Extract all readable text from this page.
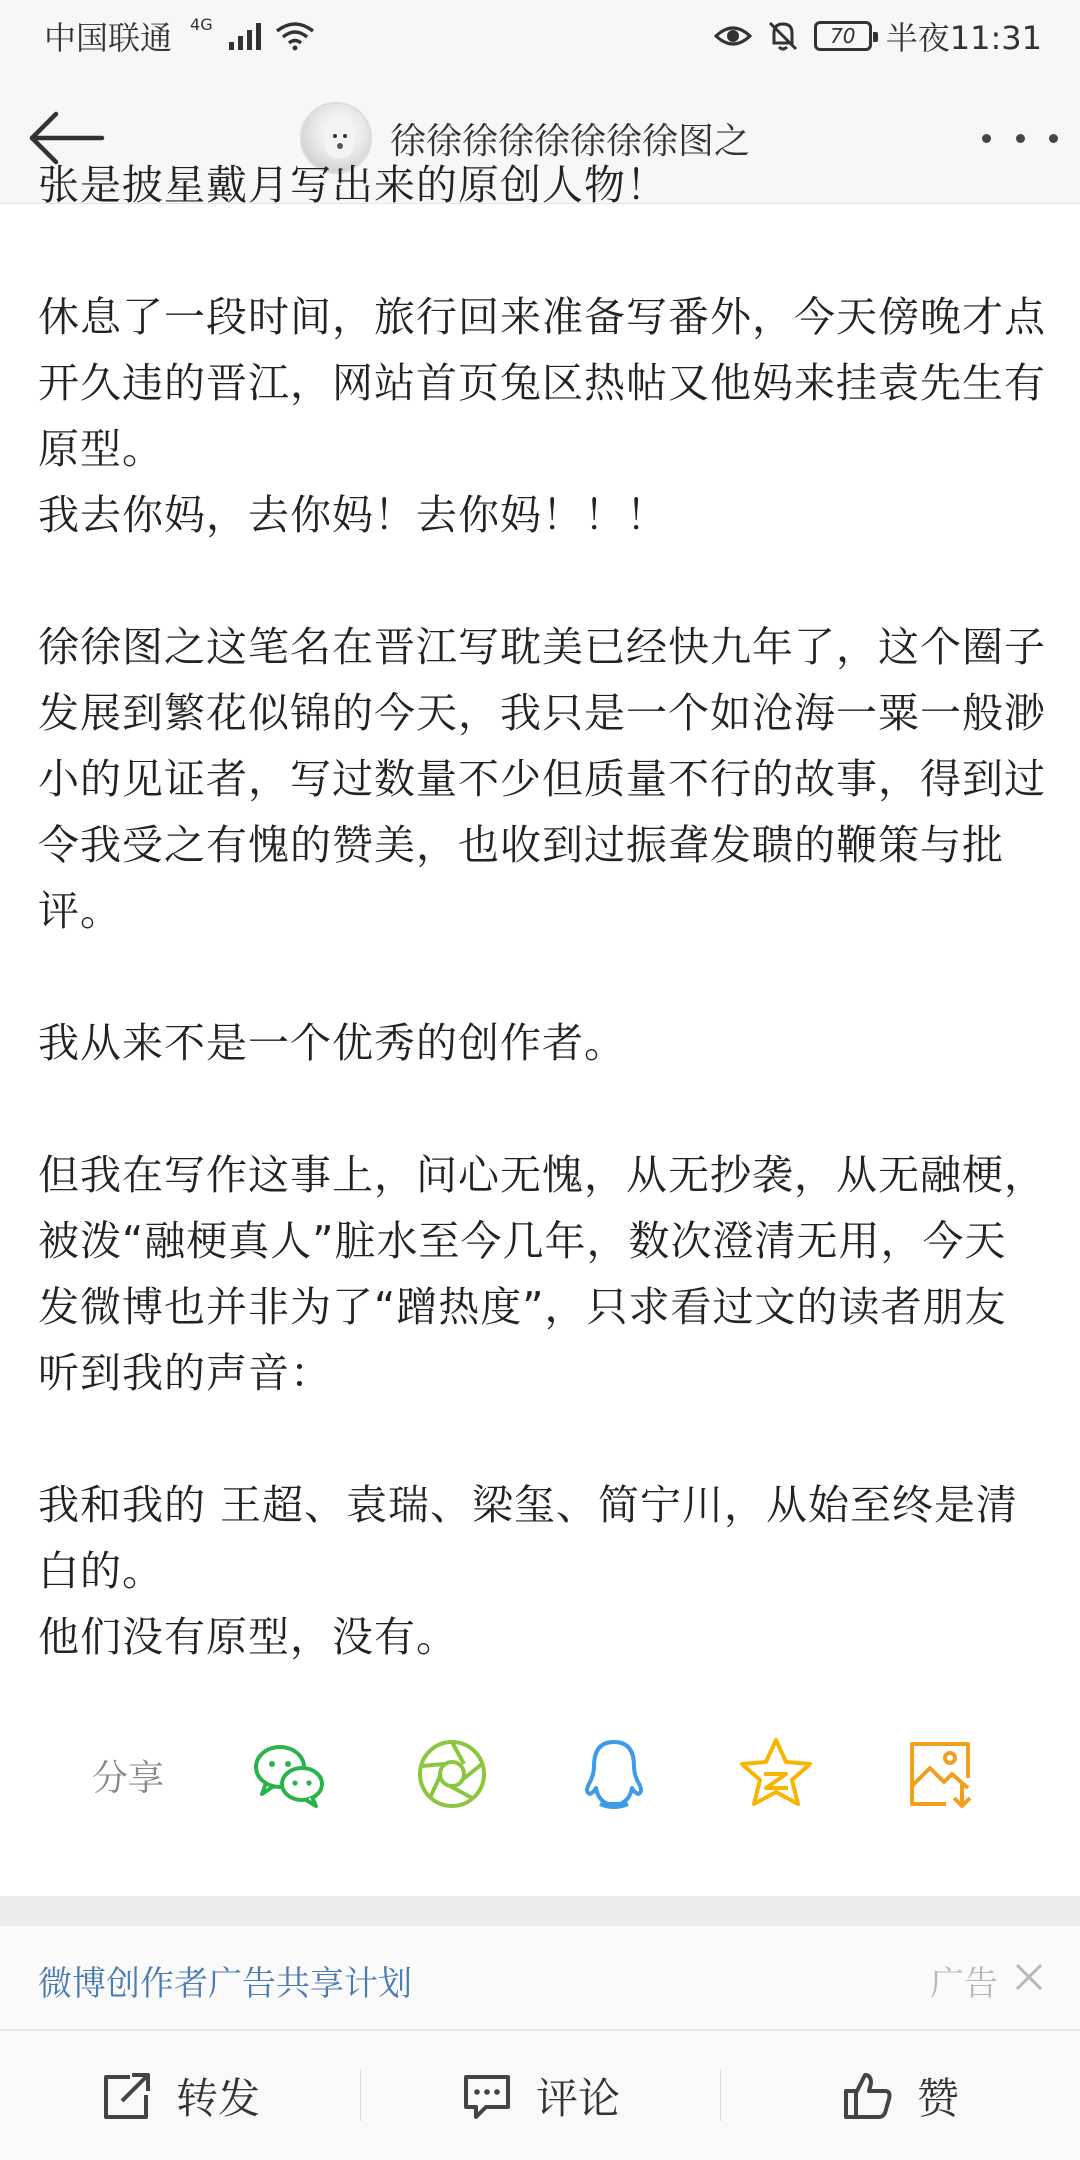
中国联通 4G	70 半夜11:31
徐徐徐徐徐徐徐徐图之

张是披星戴月写出来的原创人物！

休息了一段时间，旅行回来准备写番外，今天傍晚才点开久违的晋江，网站首页兔区热帖又他妈来挂袁先生有原型。

我去你妈，去你妈！去你妈！！！

徐徐图之这笔名在晋江写耽美已经快九年了，这个圈子发展到繁花似锦的今天，我只是一个如沧海一粟一般渺小的见证者，写过数量不少但质量不行的故事，得到过令我受之有愧的赞美，也收到过振聋发聩的鞭策与批评。

我从来不是一个优秀的创作者。

但我在写作这事上，问心无愧，从无抄袭，从无融梗，被泼“融梗真人”脏水至今几年，数次澄清无用，今天发微博也并非为了“蹭热度”，只求看过文的读者朋友听到我的声音：

我和我的 王超、袁瑞、梁玺、简宁川，从始至终是清白的。

他们没有原型，没有。

分享
微博创作者广告共享计划	广告
转发	评论	赞
